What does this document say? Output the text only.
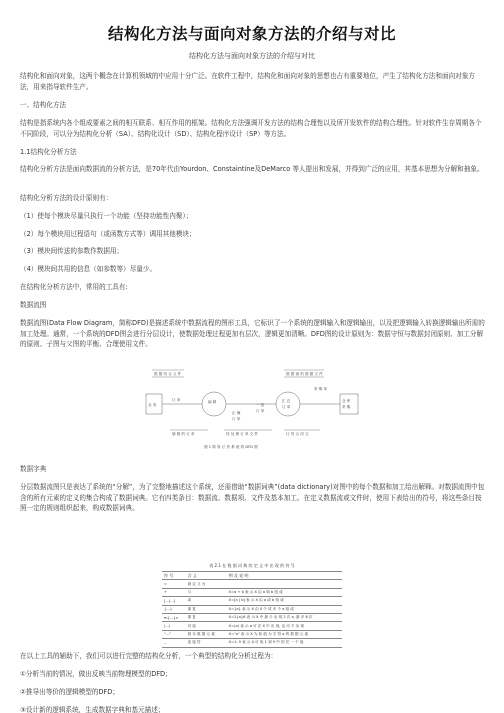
结构化方法与面向对象方法的介绍与对比
结构化方法与面向对象方法的介绍与对比
结构化和面向对象，这两个概念在计算机领域的中应用十分广泛。在软件工程中，结构化和面向对象的思想也占有重要地位，产生了结构化方法和面向对象方法，用来指导软件生产。
一、结构化方法
结构是指系统内各个组成要素之间的相互联系、相互作用的框架。结构化方法强调开发方法的结构合理性以及所开发软件的结构合理性。针对软件生存周期各个不同阶段，可以分为结构化分析（SA）、结构化设计（SD）、结构化程序设计（SP）等方法。
1.1结构化分析方法
结构化分析方法是面向数据流的分析方法，是70年代由Yourdon、Constaintine及DeMarco 等人提出和发展，并得到广泛的应用，其基本思想为分解和抽象。
结构化分析方法的设计原则有：
（1）使每个模块尽量只执行一个功能（坚持功能性内聚）；
（2）每个模块用过程语句（或函数方式等）调用其他模块；
（3）模块间传送的参数作数据用；
（4）模块间共用的信息（如参数等）尽量少。
在结构化分析方法中，常用的工具有:
数据流图
数据流图(Data Flow Diagram，简称DFD)是描述系统中数据流程的图形工具，它标识了一个系统的逻辑输入和逻辑输出，以及把逻辑输入转换逻辑输出所需的加工处理。通常，一个系统的DFD图会进行分层设计，使数据处理过程更加有层次，逻辑更加清晰。DFD图的设计原则为：数据守恒与数据封闭原则、加工分解的原则、子图与父图的平衡、合理使用文件。
数 据 结 合 文 件	数 据 流 的 数 据 文 件
业 务
订 单	编 辑
正 确
订 单
一 批
订 单
汇 总
订 单
采 购 单
仓 库
采 购
填 错 的 订 单	待 处 理 订 单 文 件	订 货 合 同 文
图 1 简 易 订 货 系 统 的 DFD 图
数据字典
分层数据流图只是表达了系统的“分解”，为了完整地描述这个系统，还需借助“数据词典”(data dictionary)对图中的每个数据和加工给出解释。对数据流图中包含的所有元素的定义的集合构成了数据词典。它有四类条目：数据流、数据项、文件及基本加工。在定义数据流或文件时，使用下表给出的符号，将这些条目按照一定的规则组织起来，构成数据词典。
表 2.1 在 数 据 词 典 的 定 义 中 出 现 的 符 号
符 号	含 义	例 及 说 明
=	被 定 义 为	
+	与	X=a + b 表 示 X 由 a 和 b 组 成
[…|…]	或	X=[a | b] 表 示 X 由 a 或 b 组 成
{…}	重 复	X={a} 表 示 X 由 0 个 或 多 个 a 组 成
m{…}n	重 复	X=2{a}6 表 示 X 中 最 少 出 现 2 次 a, 最 多 6 次
(…)	可 选	X=(a) 表 示 a 可 在 X 中 出 现, 也 可 不 出 现
"…"	基 本 数 据 元 素	X="a" 表 示 X 为 取 值 为 字 符 a 的 数 据 元 素
..	连 接 符	X=1..9 表 示 X 可 取 1 到 9 中 的 任 一 个 值
在以上工具的辅助下，我们可以进行完整的结构化分析，一个典型的结构化分析过程为：
①分析当前的情况，做出反映当前物理模型的DFD；
②推导出等价的逻辑模型的DFD；
③设计新的逻辑系统，生成数据字典和基元描述；
